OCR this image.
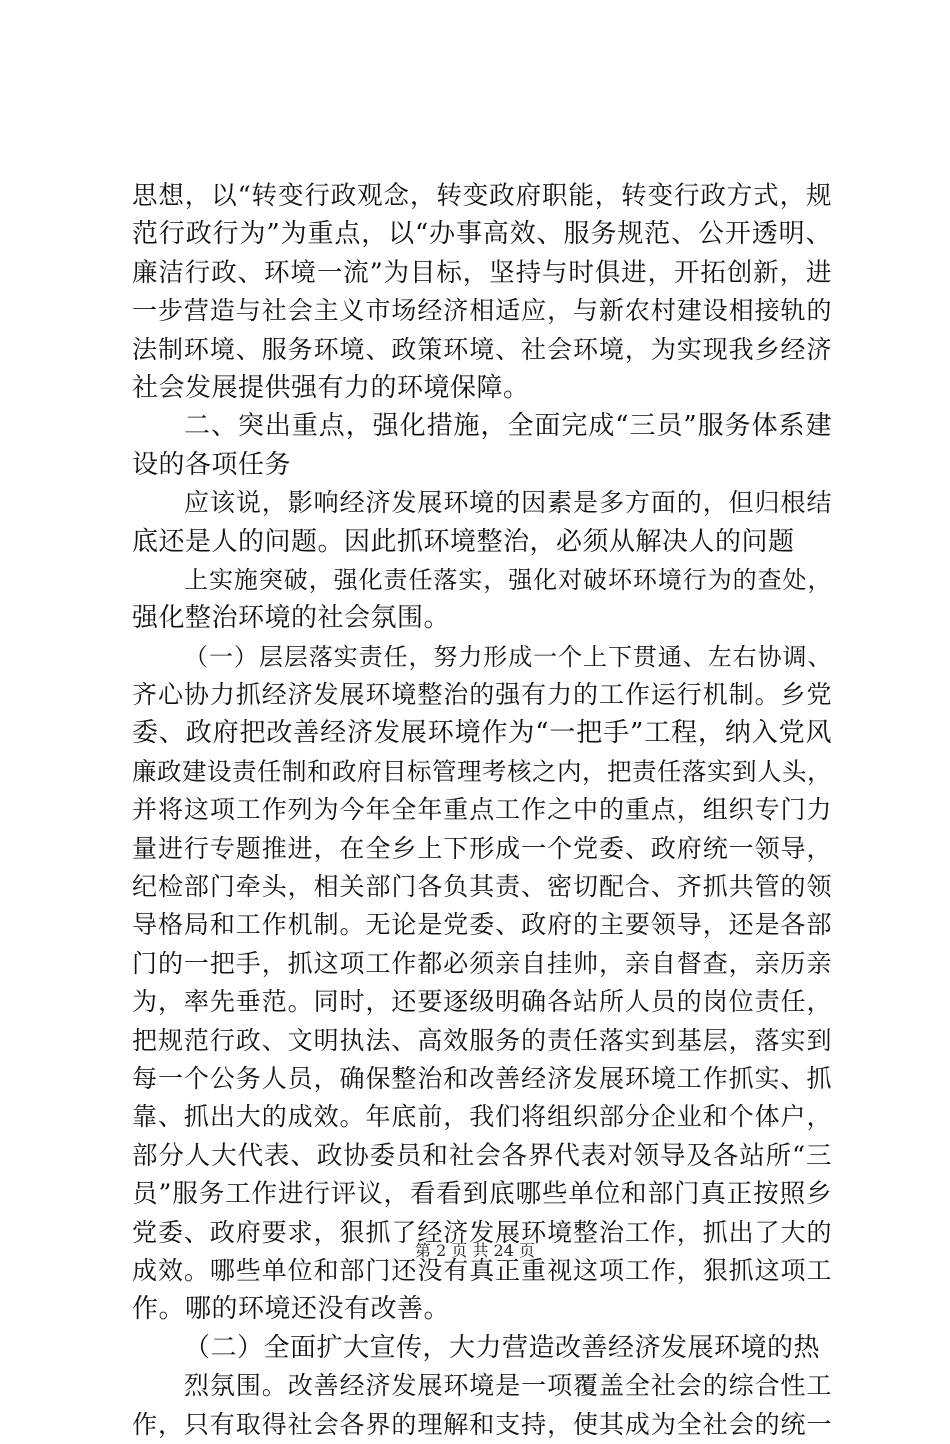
思想，以“转变行政观念，转变政府职能，转变行政方式，规
范行政行为”为重点，以“办事高效、服务规范、公开透明、
廉洁行政、环境一流”为目标，坚持与时俱进，开拓创新，进
一步营造与社会主义市场经济相适应，与新农村建设相接轨的
法制环境、服务环境、政策环境、社会环境，为实现我乡经济
社会发展提供强有力的环境保障。
二、突出重点，强化措施，全面完成“三员”服务体系建
设的各项任务
应该说，影响经济发展环境的因素是多方面的，但归根结
底还是人的问题。因此抓环境整治，必须从解决人的问题
上实施突破，强化责任落实，强化对破坏环境行为的查处，
强化整治环境的社会氛围。
（一）层层落实责任，努力形成一个上下贯通、左右协调、
齐心协力抓经济发展环境整治的强有力的工作运行机制。乡党
委、政府把改善经济发展环境作为“一把手”工程，纳入党风
廉政建设责任制和政府目标管理考核之内，把责任落实到人头，
并将这项工作列为今年全年重点工作之中的重点，组织专门力
量进行专题推进，在全乡上下形成一个党委、政府统一领导，
纪检部门牵头，相关部门各负其责、密切配合、齐抓共管的领
导格局和工作机制。无论是党委、政府的主要领导，还是各部
门的一把手，抓这项工作都必须亲自挂帅，亲自督查，亲历亲
为，率先垂范。同时，还要逐级明确各站所人员的岗位责任，
把规范行政、文明执法、高效服务的责任落实到基层，落实到
每一个公务人员，确保整治和改善经济发展环境工作抓实、抓
靠、抓出大的成效。年底前，我们将组织部分企业和个体户，
部分人大代表、政协委员和社会各界代表对领导及各站所“三
员”服务工作进行评议，看看到底哪些单位和部门真正按照乡
党委、政府要求，狠抓了经济发展环境整治工作，抓出了大的
成效。哪些单位和部门还没有真正重视这项工作，狠抓这项工
作。哪的环境还没有改善。
（二）全面扩大宣传，大力营造改善经济发展环境的热
烈氛围。改善经济发展环境是一项覆盖全社会的综合性工
作，只有取得社会各界的理解和支持，使其成为全社会的统一
第 2 页 共 24 页
